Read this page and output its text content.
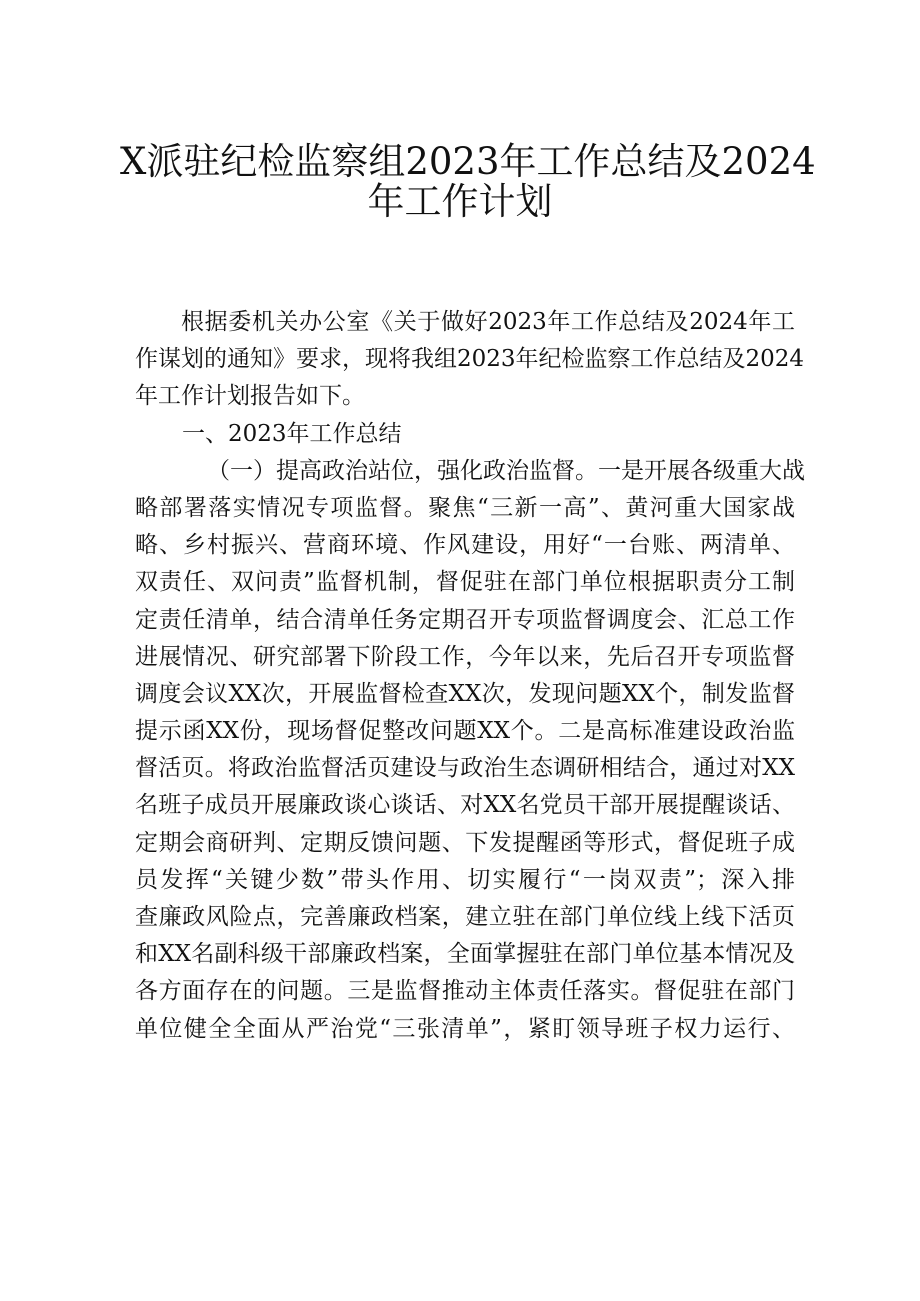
X派驻纪检监察组2023年工作总结及2024
年工作计划
根据委机关办公室《关于做好2023年工作总结及2024年工
作谋划的通知》要求，现将我组2023年纪检监察工作总结及2024
年工作计划报告如下。
一、2023年工作总结
（一）提高政治站位，强化政治监督。一是开展各级重大战
略部署落实情况专项监督。聚焦“三新一高”、黄河重大国家战
略、乡村振兴、营商环境、作风建设，用好“一台账、两清单、
双责任、双问责”监督机制，督促驻在部门单位根据职责分工制
定责任清单，结合清单任务定期召开专项监督调度会、汇总工作
进展情况、研究部署下阶段工作，今年以来，先后召开专项监督
调度会议XX次，开展监督检查XX次，发现问题XX个，制发监督
提示函XX份，现场督促整改问题XX个。二是高标准建设政治监
督活页。将政治监督活页建设与政治生态调研相结合，通过对XX
名班子成员开展廉政谈心谈话、对XX名党员干部开展提醒谈话、
定期会商研判、定期反馈问题、下发提醒函等形式，督促班子成
员发挥“关键少数”带头作用、切实履行“一岗双责”；深入排
查廉政风险点，完善廉政档案，建立驻在部门单位线上线下活页
和XX名副科级干部廉政档案，全面掌握驻在部门单位基本情况及
各方面存在的问题。三是监督推动主体责任落实。督促驻在部门
单位健全全面从严治党“三张清单”，紧盯领导班子权力运行、
